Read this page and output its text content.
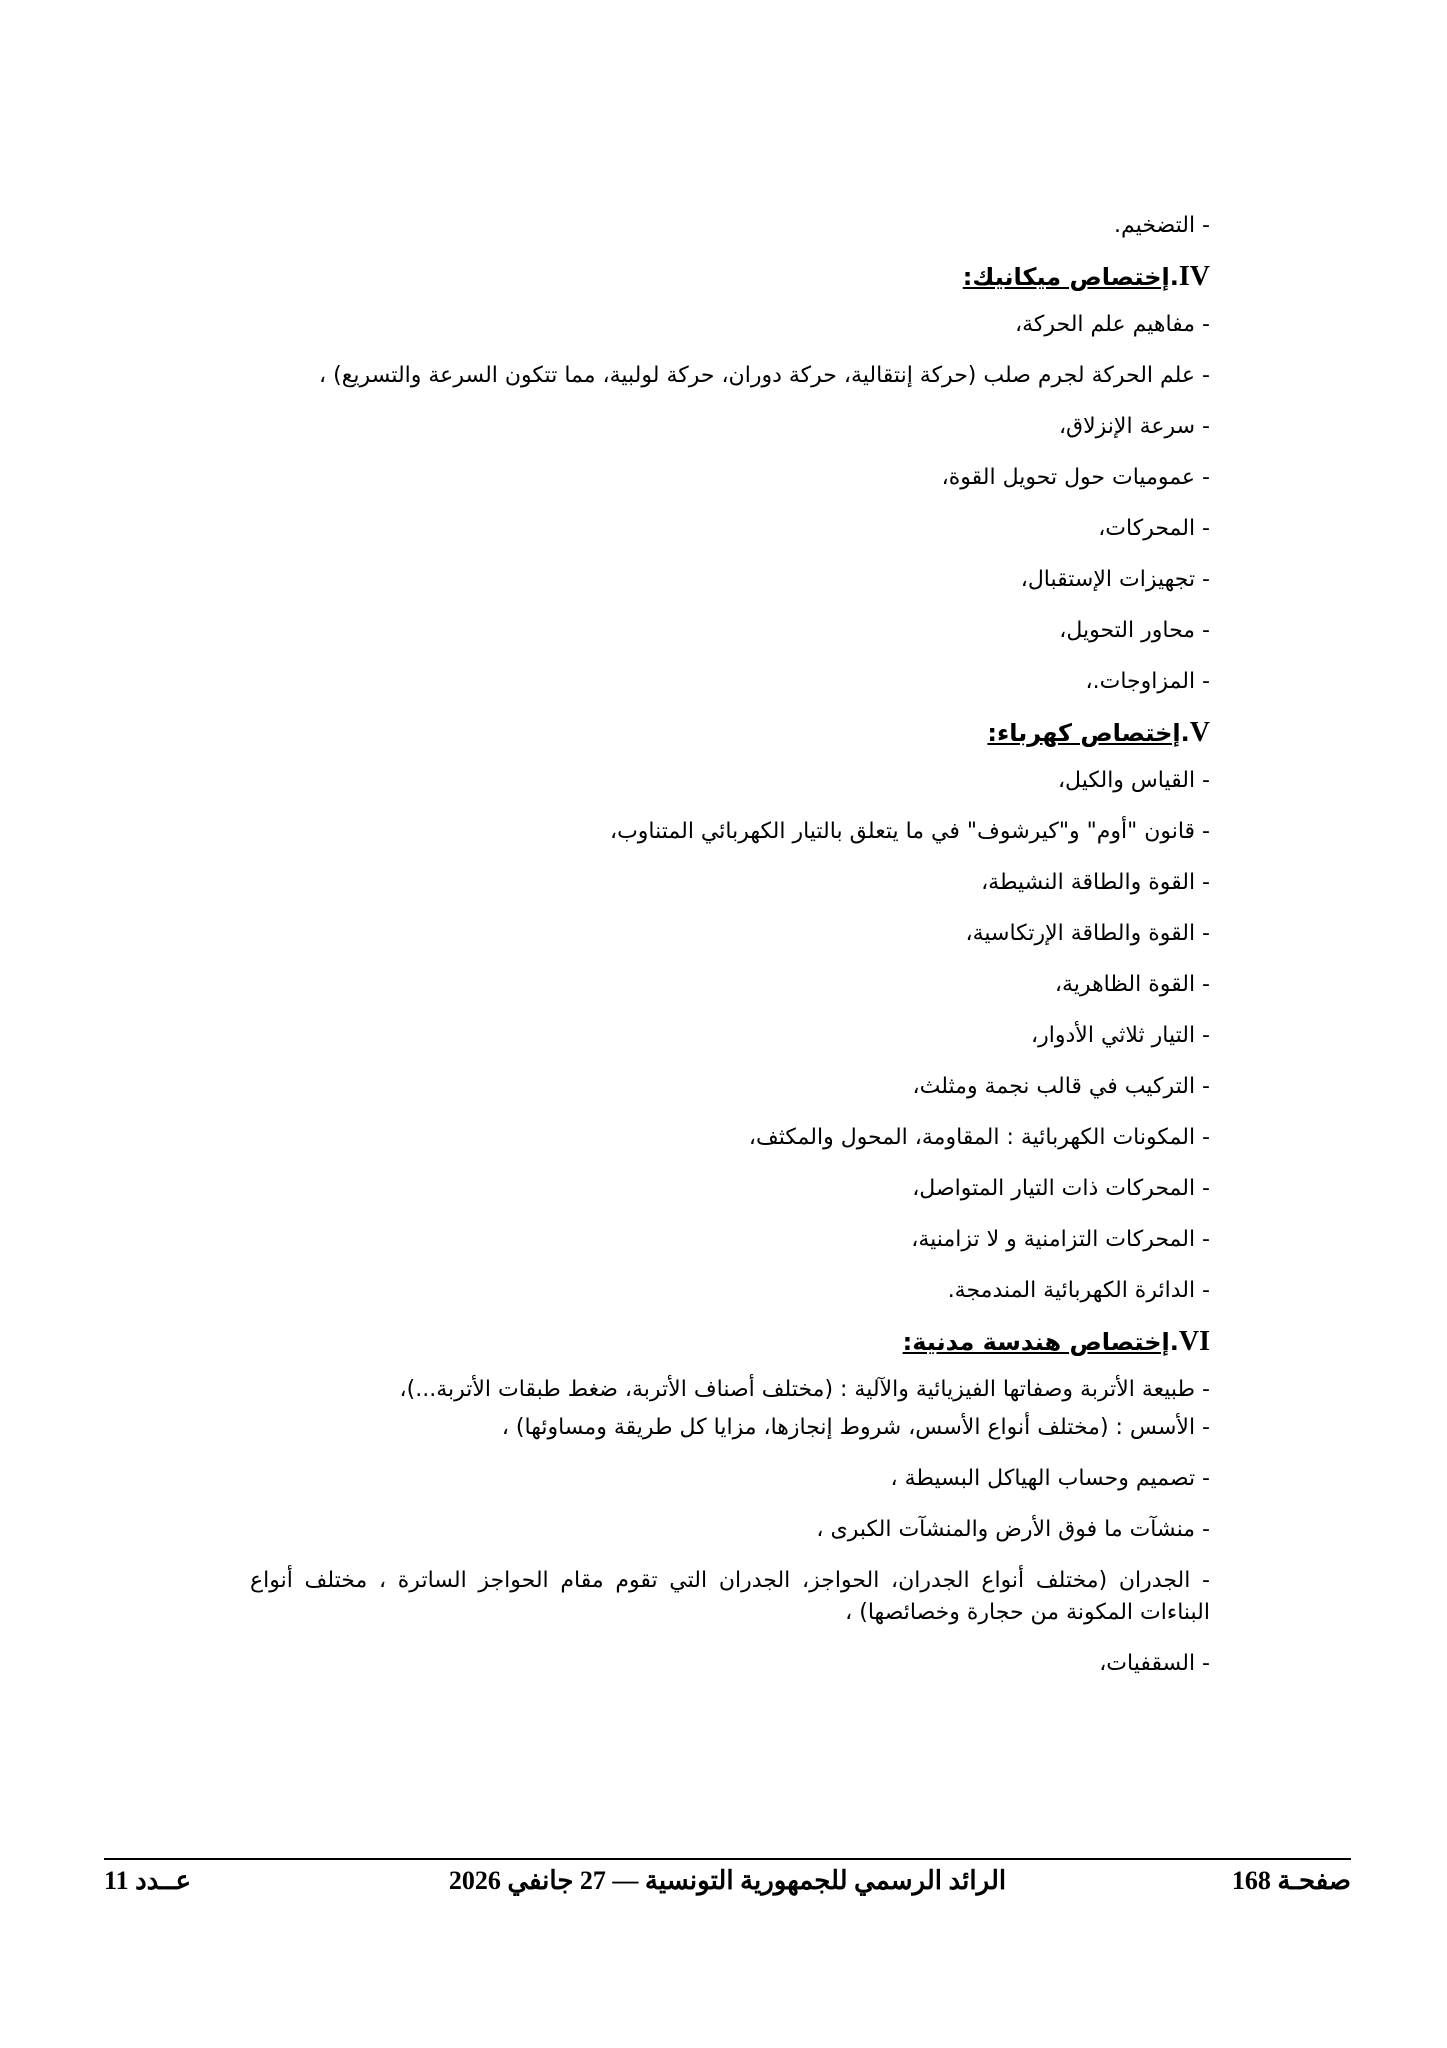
- التضخيم.
IV.إختصاص ميكانيك:
- مفاهيم علم الحركة،
- علم الحركة لجرم صلب (حركة إنتقالية، حركة دوران، حركة لولبية، مما تتكون السرعة والتسريع) ،
- سرعة الإنزلاق،
- عموميات حول تحويل القوة،
- المحركات،
- تجهيزات الإستقبال،
- محاور التحويل،
- المزاوجات.،
V.إختصاص كهرباء:
- القياس والكيل،
- قانون "أوم" و"كيرشوف" في ما يتعلق بالتيار الكهربائي المتناوب،
- القوة والطاقة النشيطة،
- القوة والطاقة الإرتكاسية،
- القوة الظاهرية،
- التيار ثلاثي الأدوار،
- التركيب في قالب نجمة ومثلث،
- المكونات الكهربائية : المقاومة، المحول والمكثف،
- المحركات ذات التيار المتواصل،
- المحركات التزامنية و لا تزامنية،
- الدائرة الكهربائية المندمجة.
VI.إختصاص هندسة مدنية:
- طبيعة الأتربة وصفاتها الفيزيائية والآلية : (مختلف أصناف الأتربة، ضغط طبقات الأتربة...)،
- الأسس : (مختلف أنواع الأسس، شروط إنجازها، مزايا كل طريقة ومساوئها) ،
- تصميم وحساب الهياكل البسيطة ،
- منشآت ما فوق الأرض والمنشآت الكبرى ،
- الجدران (مختلف أنواع الجدران، الحواجز، الجدران التي تقوم مقام الحواجز الساترة ، مختلف أنواع البناءات المكونة من حجارة وخصائصها) ،
- السقفيات،
صفحـة 168
الرائد الرسمي للجمهورية التونسية — 27 جانفي 2026
عــدد 11
